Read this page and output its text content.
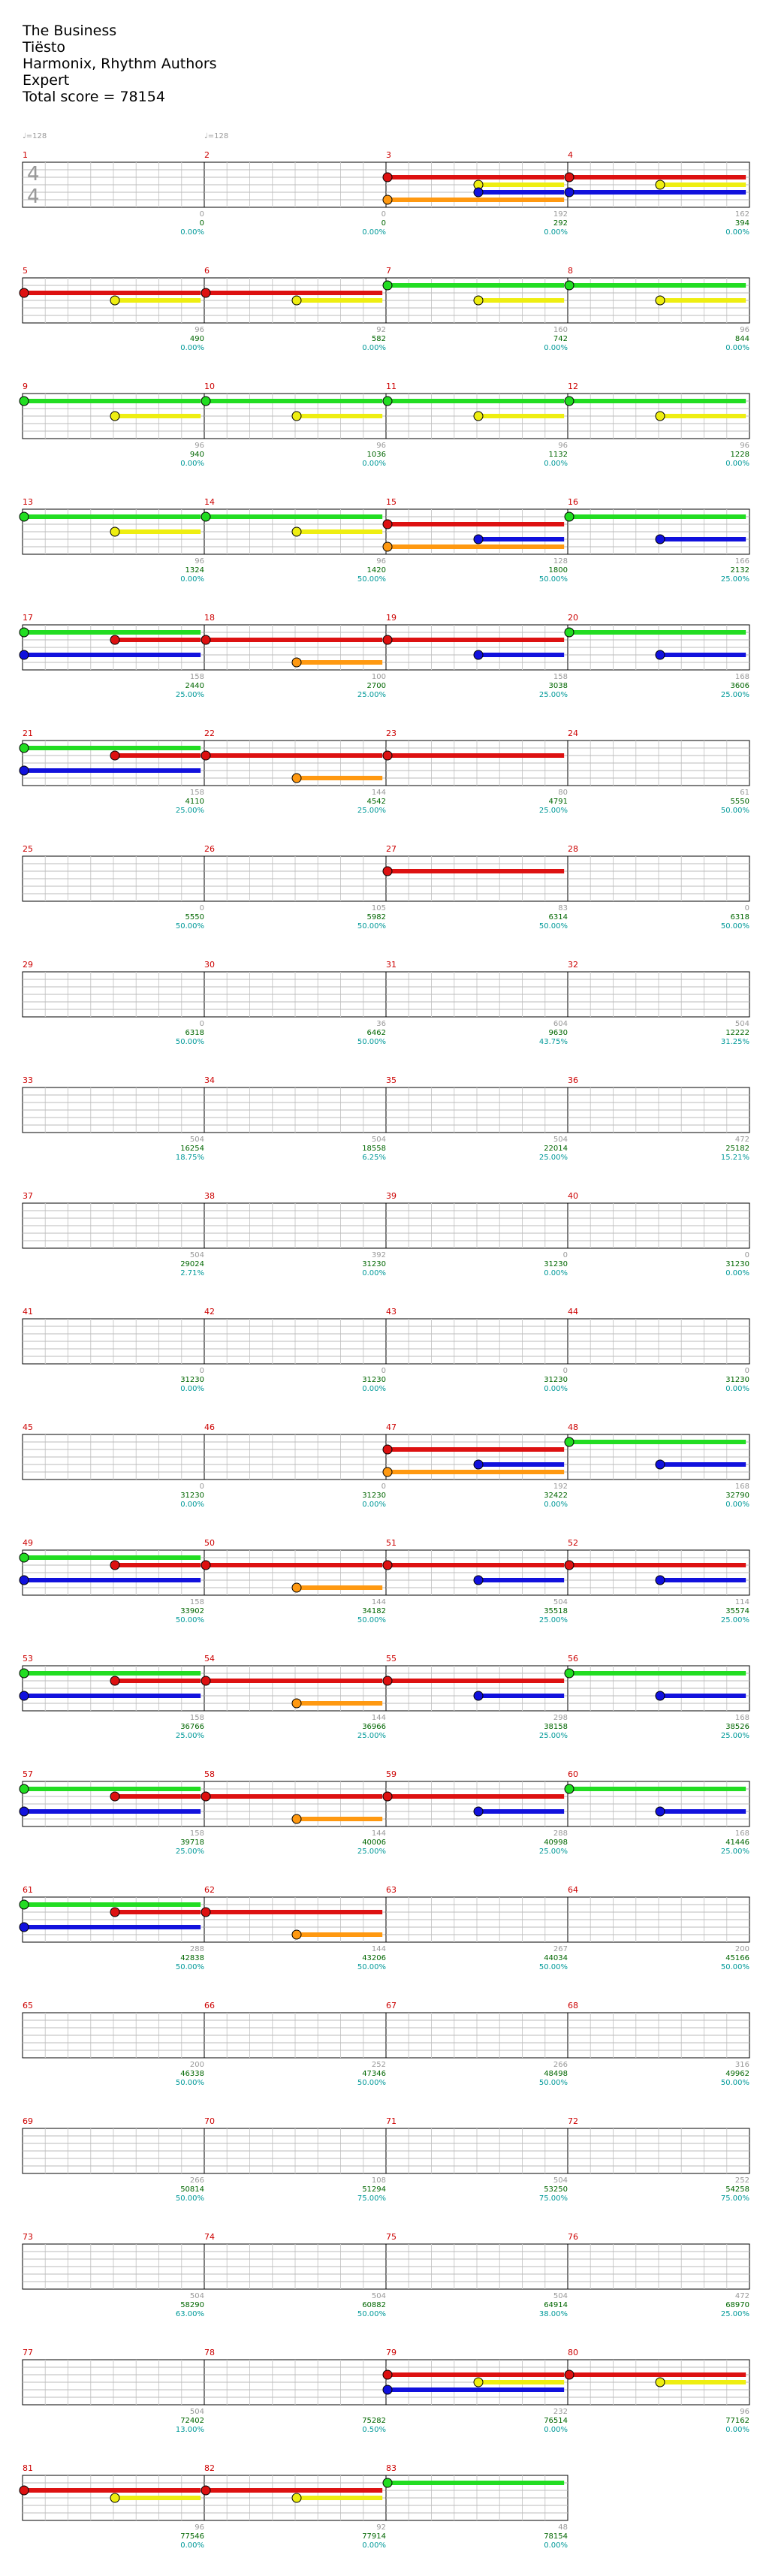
The Business
Tiësto
Harmonix, Rhythm Authors
Expert
Total score = 78154
♩=128	♩=128
1
0
0
0.00%
2
0
0
0.00%
3
192
292
0.00%
4
162
394
0.00%
5
96
490
0.00%
6
92
582
0.00%
7
160
742
0.00%
8
96
844
0.00%
9
96
940
0.00%
10
96
1036
0.00%
11
96
1132
0.00%
12
96
1228
0.00%
13
96
1324
0.00%
14
96
1420
50.00%
15
128
1800
50.00%
16
166
2132
25.00%
17
158
2440
25.00%
18
100
2700
25.00%
19
158
3038
25.00%
20
168
3606
25.00%
21
158
4110
25.00%
22
144
4542
25.00%
23
80
4791
25.00%
24
61
5550
50.00%
25
0
5550
50.00%
26
105
5982
50.00%
27
83
6314
50.00%
28
0
6318
50.00%
29
0
6318
50.00%
30
36
6462
50.00%
31
604
9630
43.75%
32
504
12222
31.25%
33
504
16254
18.75%
34
504
18558
6.25%
35
504
22014
25.00%
36
472
25182
15.21%
37
504
29024
2.71%
38
392
31230
0.00%
39
0
31230
0.00%
40
0
31230
0.00%
41
0
31230
0.00%
42
0
31230
0.00%
43
0
31230
0.00%
44
0
31230
0.00%
45
0
31230
0.00%
46
0
31230
0.00%
47
192
32422
0.00%
48
168
32790
0.00%
49
158
33902
50.00%
50
144
34182
50.00%
51
504
35518
25.00%
52
114
35574
25.00%
53
158
36766
25.00%
54
144
36966
25.00%
55
298
38158
25.00%
56
168
38526
25.00%
57
158
39718
25.00%
58
144
40006
25.00%
59
288
40998
25.00%
60
168
41446
25.00%
61
288
42838
50.00%
62
144
43206
50.00%
63
267
44034
50.00%
64
200
45166
50.00%
65
200
46338
50.00%
66
252
47346
50.00%
67
266
48498
50.00%
68
316
49962
50.00%
69
266
50814
50.00%
70
108
51294
75.00%
71
504
53250
75.00%
72
252
54258
75.00%
73
504
58290
63.00%
74
504
60882
50.00%
75
504
64914
38.00%
76
472
68970
25.00%
77
504
72402
13.00%
78
75282
0.50%
79
232
76514
0.00%
80
96
77162
0.00%
81
96
77546
0.00%
82
92
77914
0.00%
83
48
78154
0.00%
4
4
